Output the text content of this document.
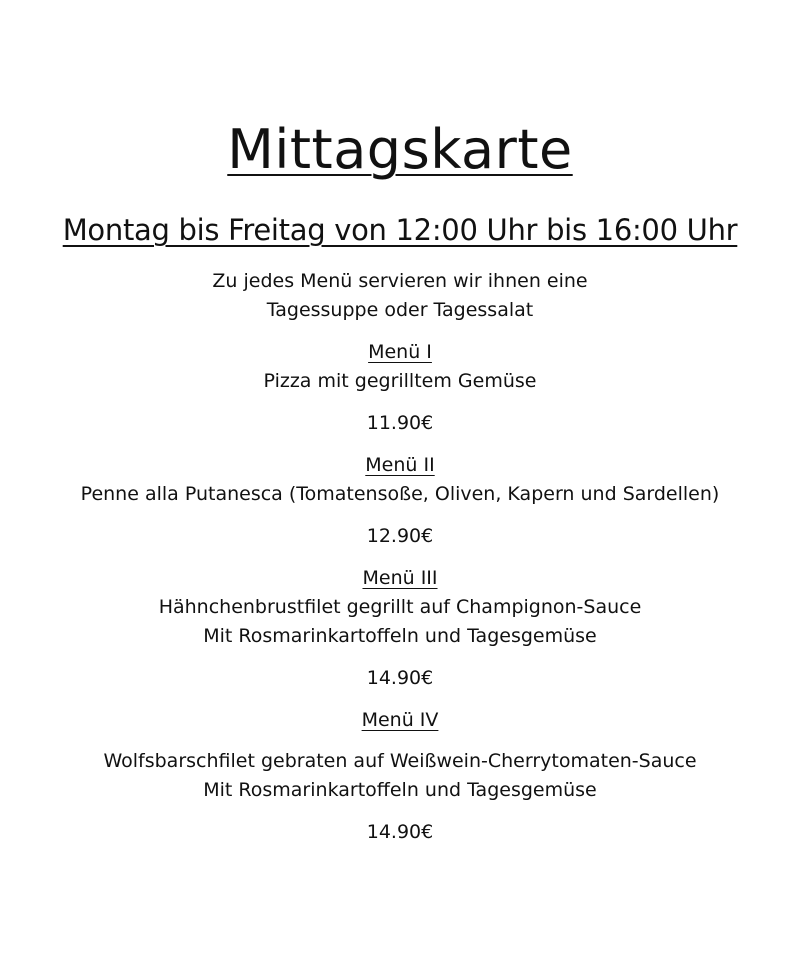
Mittagskarte
Montag bis Freitag von 12:00 Uhr bis 16:00 Uhr
Zu jedes Menü servieren wir ihnen eine
Tagessuppe oder Tagessalat
Menü I
Pizza mit gegrilltem Gemüse
11.90€
Menü II
Penne alla Putanesca (Tomatensoße, Oliven, Kapern und Sardellen)
12.90€
Menü III
Hähnchenbrustfilet gegrillt auf Champignon-Sauce
Mit Rosmarinkartoffeln und Tagesgemüse
14.90€
Menü IV
Wolfsbarschfilet gebraten auf Weißwein-Cherrytomaten-Sauce
Mit Rosmarinkartoffeln und Tagesgemüse
14.90€
